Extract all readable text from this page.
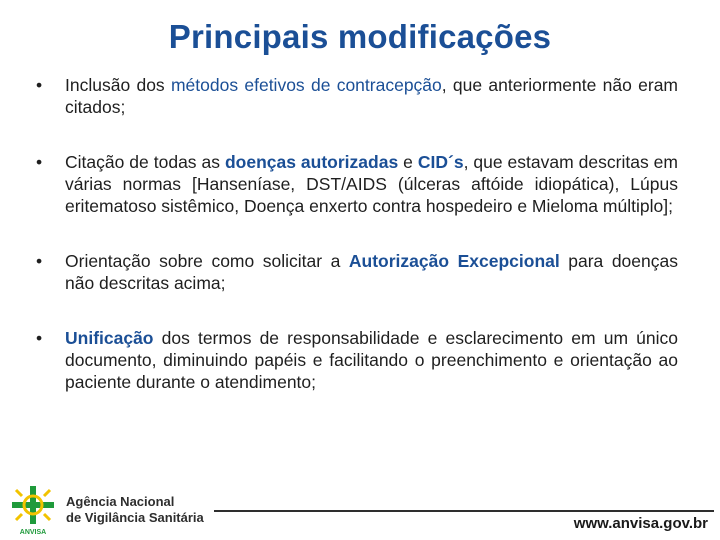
Principais modificações
• Inclusão dos métodos efetivos de contracepção, que anteriormente não eram citados;
• Citação de todas as doenças autorizadas e CID´s, que estavam descritas em várias normas [Hanseníase, DST/AIDS (úlceras aftóide idiopática), Lúpus eritematoso sistêmico, Doença enxerto contra hospedeiro e Mieloma múltiplo];
• Orientação sobre como solicitar a Autorização Excepcional para doenças não descritas acima;
• Unificação dos termos de responsabilidade e esclarecimento em um único documento, diminuindo papéis e facilitando o preenchimento e orientação ao paciente durante o atendimento;
ANVISA
Agência Nacional
de Vigilância Sanitária	www.anvisa.gov.br
